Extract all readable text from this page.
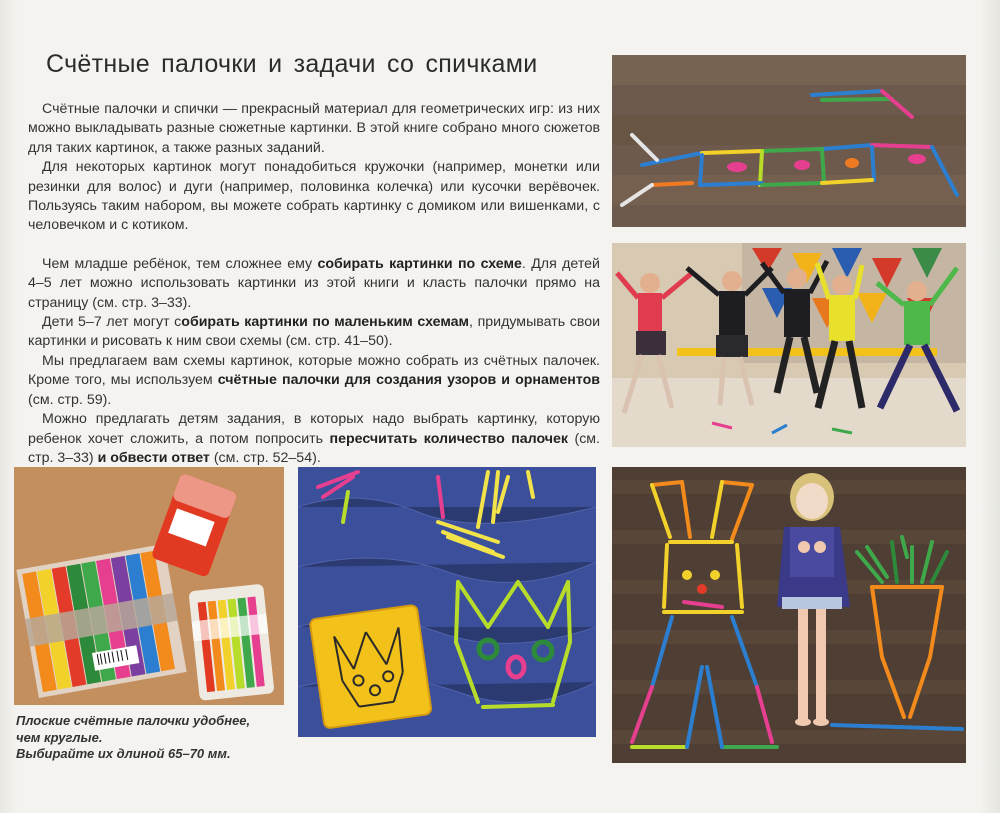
Счётные палочки и задачи со спичками

Счётные палочки и спички — прекрасный материал для геометрических игр: из них можно выкладывать разные сюжетные картинки. В этой книге собрано много сюжетов для таких картинок, а также разных заданий.

Для некоторых картинок могут понадобиться кружочки (например, монетки или резинки для волос) и дуги (например, половинка колечка) или кусочки верёвочек. Пользуясь таким набором, вы можете собрать картинку с домиком или вишенками, с человечком и с котиком.

Чем младше ребёнок, тем сложнее ему собирать картинки по схеме. Для детей 4–5 лет можно использовать картинки из этой книги и класть палочки прямо на страницу (см. стр. 3–33).

Дети 5–7 лет могут собирать картинки по маленьким схемам, придумывать свои картинки и рисовать к ним свои схемы (см. стр. 41–50).

Мы предлагаем вам схемы картинок, которые можно собрать из счётных палочек. Кроме того, мы используем счётные палочки для создания узоров и орнаментов (см. стр. 59).

Можно предлагать детям задания, в которых надо выбрать картинку, которую ребенок хочет сложить, а потом попросить пересчитать количество палочек (см. стр. 3–33) и обвести ответ (см. стр. 52–54).

Плоские счётные палочки удобнее,
чем круглые.
Выбирайте их длиной 65–70 мм.
